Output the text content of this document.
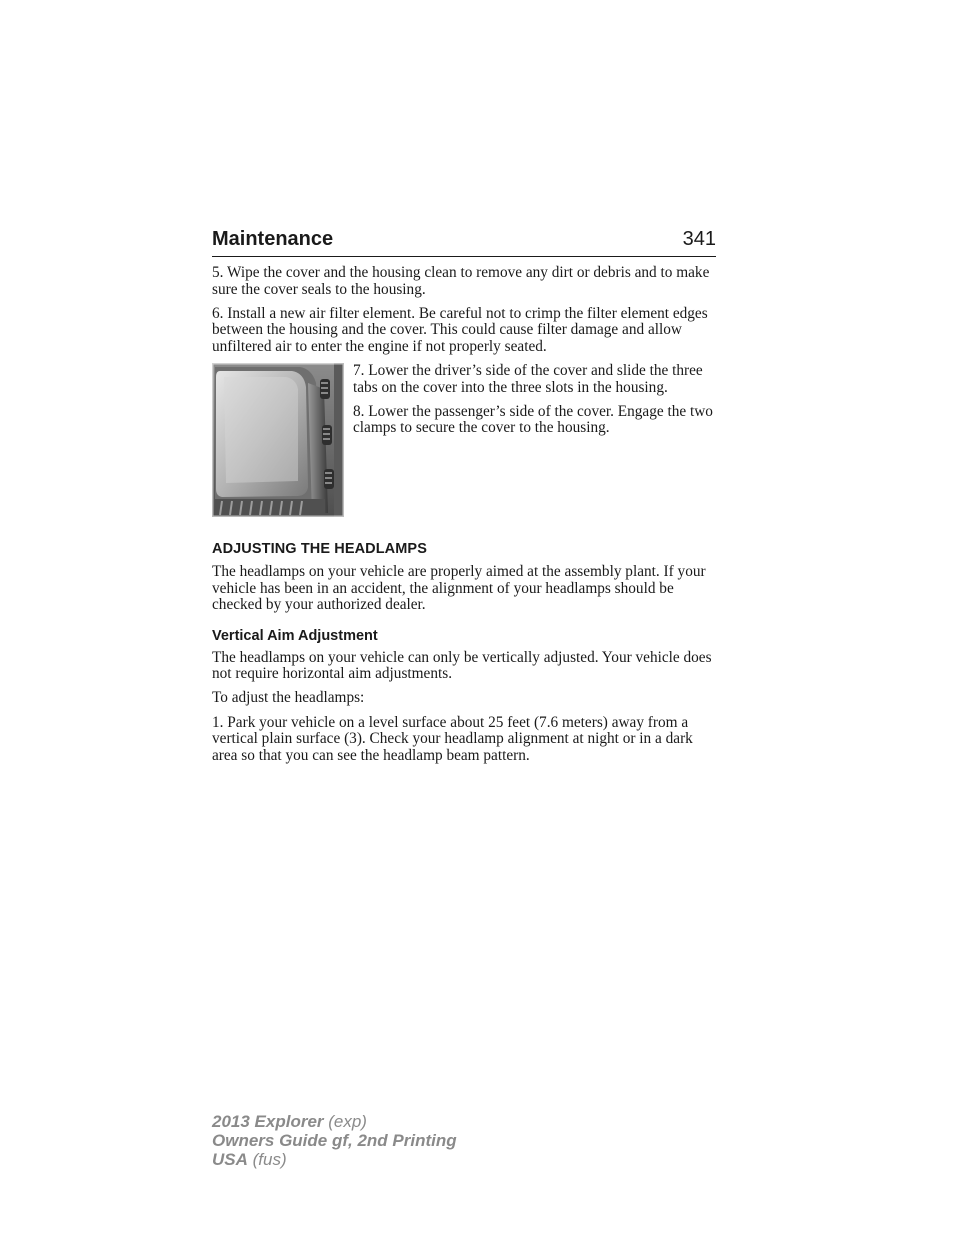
Maintenance	341

5. Wipe the cover and the housing clean to remove any dirt or debris and to make sure the cover seals to the housing.

6. Install a new air filter element. Be careful not to crimp the filter element edges between the housing and the cover. This could cause filter damage and allow unfiltered air to enter the engine if not properly seated.

7. Lower the driver’s side of the cover and slide the three tabs on the cover into the three slots in the housing.

8. Lower the passenger’s side of the cover. Engage the two clamps to secure the cover to the housing.

ADJUSTING THE HEADLAMPS

The headlamps on your vehicle are properly aimed at the assembly plant. If your vehicle has been in an accident, the alignment of your headlamps should be checked by your authorized dealer.

Vertical Aim Adjustment

The headlamps on your vehicle can only be vertically adjusted. Your vehicle does not require horizontal aim adjustments.

To adjust the headlamps:

1. Park your vehicle on a level surface about 25 feet (7.6 meters) away from a vertical plain surface (3). Check your headlamp alignment at night or in a dark area so that you can see the headlamp beam pattern.

2013 Explorer (exp)
Owners Guide gf, 2nd Printing
USA (fus)
